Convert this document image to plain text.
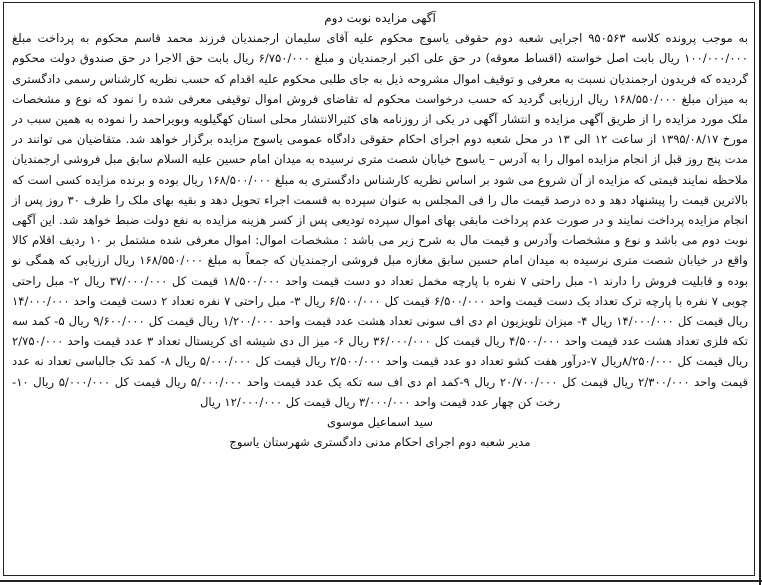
آگهی مزایده نوبت دوم

به موجب پرونده کلاسه ۹۵۰۵۶۳ اجرایی شعبه دوم حقوقی یاسوج محکوم علیه آقای سلیمان ارجمندیان فرزند محمد قاسم محکوم به پرداخت مبلغ ۱۰۰/۰۰۰/۰۰۰ ریال بابت اصل خواسته (اقساط معوقه) در حق علی اکبر ارجمندیان و مبلغ ۶/۷۵۰/۰۰۰ ریال بابت حق الاجرا در حق صندوق دولت محکوم گردیده که فریدون ارجمندیان نسبت به معرفی و توقیف اموال مشروحه ذیل به جای طلبی محکوم علیه اقدام که حسب نظریه کارشناس رسمی دادگستری به میزان مبلغ ۱۶۸/۵۵۰/۰۰۰ ریال ارزیابی گردید که حسب درخواست محکوم له تقاضای فروش اموال توقیفی معرفی شده را نمود که نوع و مشخصات ملک مورد مزایده را از طریق آگهی مزایده و انتشار آگهی در یکی از روزنامه های کثیرالانتشار محلی استان کهگیلویه وبویراحمد را نموده به همین سبب در مورخ ۱۳۹۵/۰۸/۱۷ از ساعت ۱۲ الی ۱۳ در محل شعبه دوم اجرای احکام حقوقی دادگاه عمومی یاسوج مزایده برگزار خواهد شد. متقاضیان می توانند در مدت پنج روز قبل از انجام مزایده اموال را به آدرس – یاسوج خیابان شصت متری نرسیده به میدان امام حسین علیه السلام سابق مبل فروشی ارجمندیان ملاحظه نمایند قیمتی که مزایده از آن شروع می شود بر اساس نظریه کارشناس دادگستری به مبلغ ۱۶۸/۵۰۰/۰۰۰ ریال بوده و برنده مزایده کسی است که بالاترین قیمت را پیشنهاد دهد و ده درصد قیمت مال را فی المجلس به عنوان سپرده به قسمت اجراء تحویل دهد و بقیه بهای ملک را ظرف ۳۰ روز پس از انجام مزایده پرداخت نمایند و در صورت عدم پرداخت مابقی بهای اموال سپرده تودیعی پس از کسر هزینه مزایده به نفع دولت ضبط خواهد شد. این آگهی نوبت دوم می باشد و نوع و مشخصات وآدرس و قیمت مال به شرح زیر می باشد : مشخصات اموال: اموال معرفی شده مشتمل بر ۱۰ ردیف اقلام کالا واقع در خیابان شصت متری نرسیده به میدان امام حسین سابق مغازه مبل فروشی ارجمندیان که جمعاً به مبلغ ۱۶۸/۵۵۰/۰۰۰ ریال ارزیابی که همگی نو بوده و قابلیت فروش را دارند ۱- مبل راحتی ۷ نفره با پارچه مخمل تعداد دو دست قیمت واحد ۱۸/۵۰۰/۰۰۰ قیمت کل ۳۷/۰۰۰/۰۰۰ ریال ۲- مبل راحتی چوبی ۷ نفره با پارچه ترک تعداد یک دست قیمت واحد ۶/۵۰۰/۰۰۰ قیمت کل ۶/۵۰۰/۰۰۰ ریال ۳- مبل راحتی ۷ نفره تعداد ۲ دست قیمت واحد ۱۴/۰۰۰/۰۰۰ ریال قیمت کل ۱۴/۰۰۰/۰۰۰ ریال ۴- میزان تلویزیون ام دی اف سونی تعداد هشت عدد قیمت واحد ۱/۲۰۰/۰۰۰ ریال قیمت کل ۹/۶۰۰/۰۰۰ ریال ۵- کمد سه تکه فلزی تعداد هشت عدد قیمت واحد ۴/۵۰۰/۰۰۰ ریال قیمت کل ۳۶/۰۰۰/۰۰۰ ریال ۶- میز ال دی شیشه ای کریستال تعداد ۳ عدد قیمت واحد ۲/۷۵۰/۰۰۰ ریال قیمت کل ۸/۲۵۰/۰۰۰ریال ۷-درآور هفت کشو تعداد دو عدد قیمت واحد ۲/۵۰۰/۰۰۰ ریال قیمت کل ۵/۰۰۰/۰۰۰ ریال ۸- کمد تک جالباسی تعداد نه عدد قیمت واحد ۲/۳۰۰/۰۰۰ ریال قیمت کل ۲۰/۷۰۰/۰۰۰ ریال ۹-کمد ام دی اف سه تکه یک عدد قیمت واحد ۵/۰۰۰/۰۰۰ ریال قیمت کل ۵/۰۰۰/۰۰۰ ریال ۱۰-رخت کن چهار عدد قیمت واحد ۳/۰۰۰/۰۰۰ ریال قیمت کل ۱۲/۰۰۰/۰۰۰ ریال

سید اسماعیل موسوی

مدیر شعبه دوم اجرای احکام مدنی دادگستری شهرستان یاسوج
